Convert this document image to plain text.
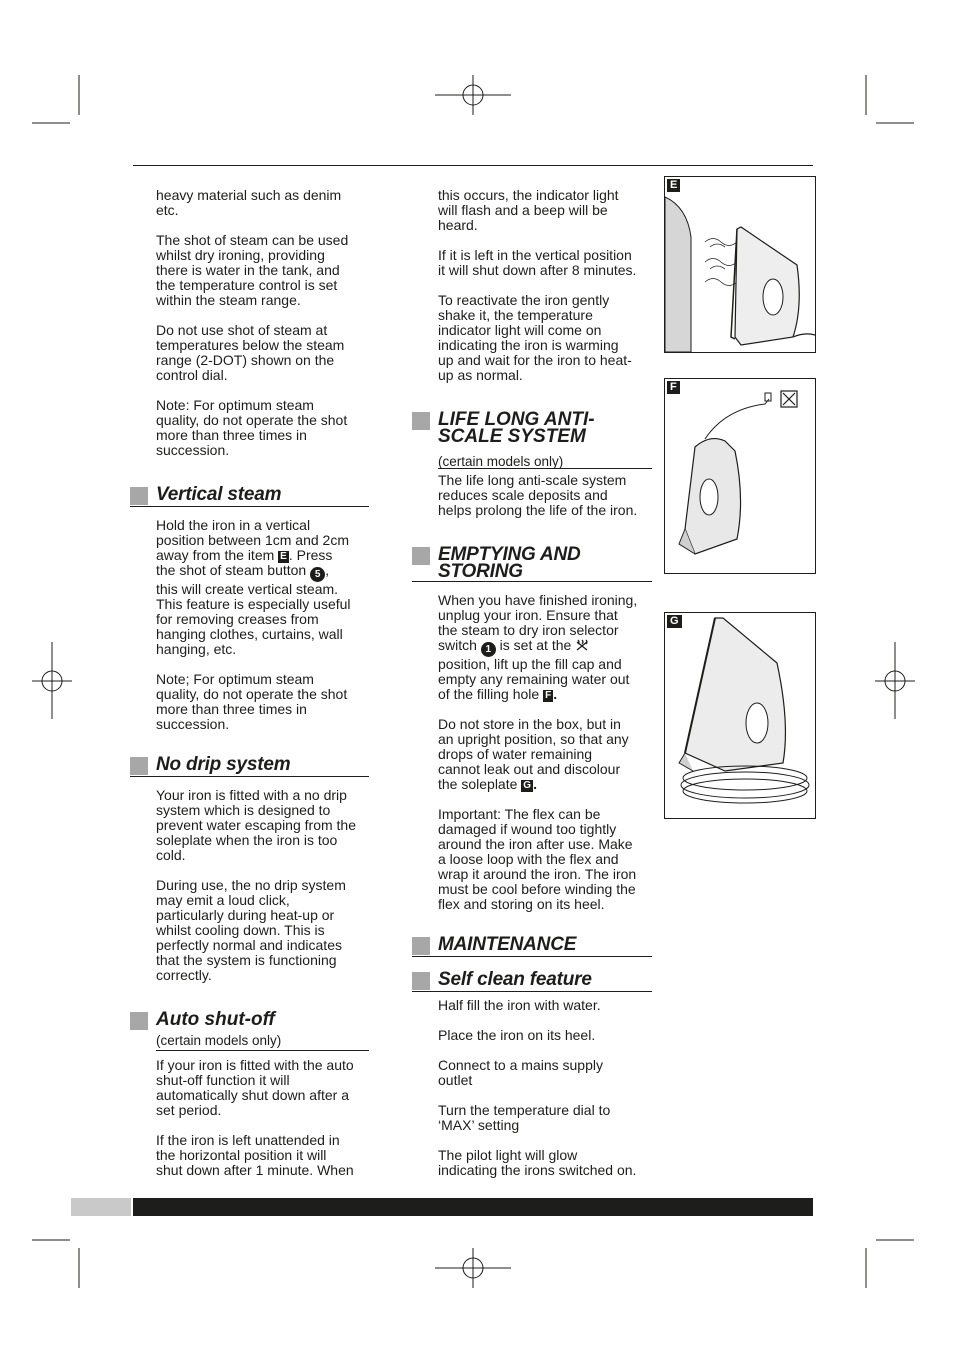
heavy material such as denim
etc.

The shot of steam can be used
whilst dry ironing, providing
there is water in the tank, and
the temperature control is set
within the steam range.

Do not use shot of steam at
temperatures below the steam
range (2-DOT) shown on the
control dial.

Note: For optimum steam
quality, do not operate the shot
more than three times in
succession.

Vertical steam

Hold the iron in a vertical
position between 1cm and 2cm
away from the item E . Press
the shot of steam button 5 ,
this will create vertical steam.
This feature is especially useful
for removing creases from
hanging clothes, curtains, wall
hanging, etc.

Note; For optimum steam
quality, do not operate the shot
more than three times in
succession.

No drip system

Your iron is fitted with a no drip
system which is designed to
prevent water escaping from the
soleplate when the iron is too
cold.

During use, the no drip system
may emit a loud click,
particularly during heat-up or
whilst cooling down. This is
perfectly normal and indicates
that the system is functioning
correctly.

Auto shut-off
(certain models only)

If your iron is fitted with the auto
shut-off function it will
automatically shut down after a
set period.

If the iron is left unattended in
the horizontal position it will
shut down after 1 minute. When

this occurs, the indicator light
will flash and a beep will be
heard.

If it is left in the vertical position
it will shut down after 8 minutes.

To reactivate the iron gently
shake it, the temperature
indicator light will come on
indicating the iron is warming
up and wait for the iron to heat-
up as normal.

LIFE LONG ANTI-
SCALE SYSTEM
(certain models only)

The life long anti-scale system
reduces scale deposits and
helps prolong the life of the iron.

EMPTYING AND
STORING

When you have finished ironing,
unplug your iron. Ensure that
the steam to dry iron selector
switch 1 is set at the
position, lift up the fill cap and
empty any remaining water out
of the filling hole F .

Do not store in the box, but in
an upright position, so that any
drops of water remaining
cannot leak out and discolour
the soleplate G .

Important: The flex can be
damaged if wound too tightly
around the iron after use. Make
a loose loop with the flex and
wrap it around the iron. The iron
must be cool before winding the
flex and storing on its heel.

MAINTENANCE
Self clean feature

Half fill the iron with water.

Place the iron on its heel.

Connect to a mains supply
outlet

Turn the temperature dial to
‘MAX’ setting

The pilot light will glow
indicating the irons switched on.

E
F
G
